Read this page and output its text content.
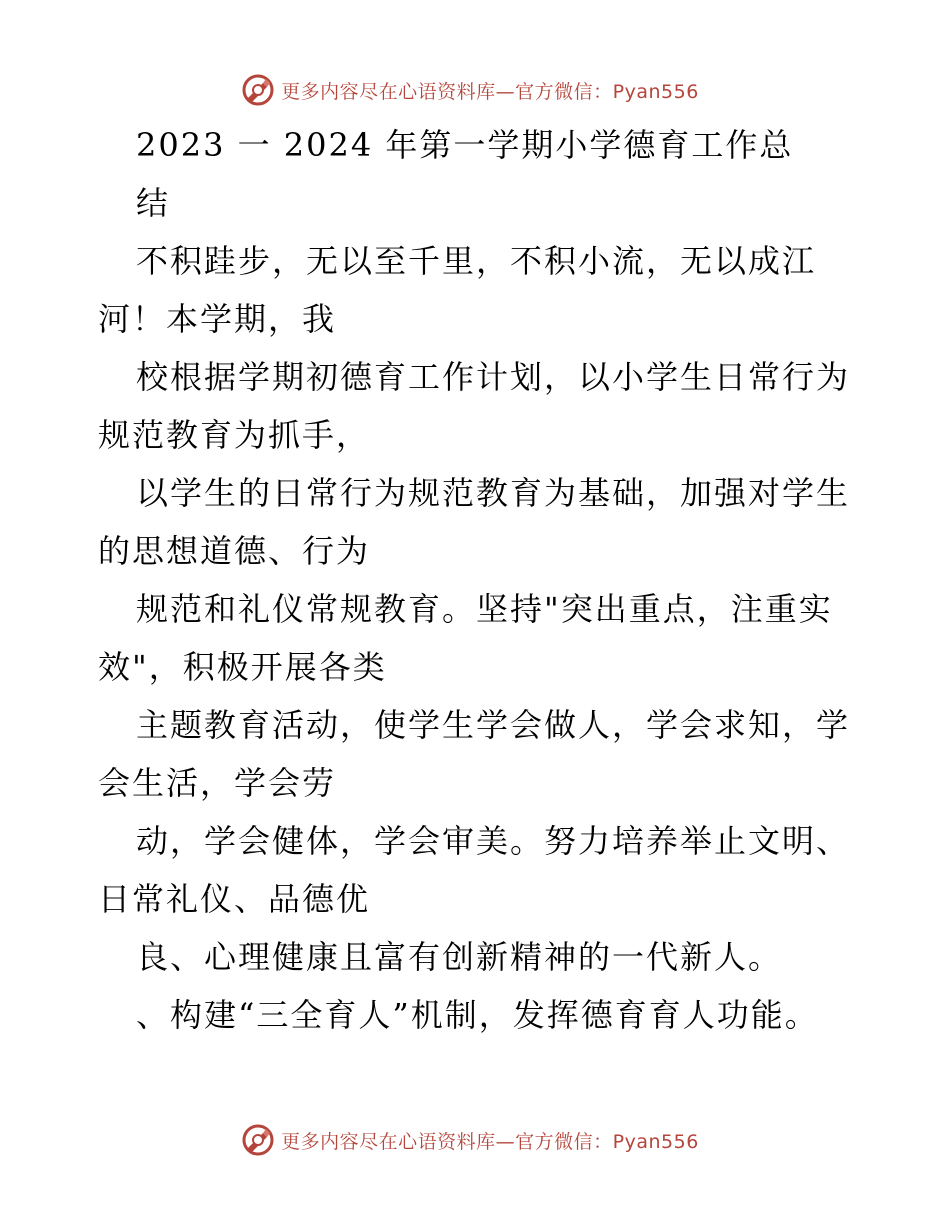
更多内容尽在心语资料库—官方微信：Pyan556
2023 一 2024 年第一学期小学德育工作总
结
不积跬步，无以至千里，不积小流，无以成江
河！本学期，我
校根据学期初德育工作计划，以小学生日常行为
规范教育为抓手，
以学生的日常行为规范教育为基础，加强对学生
的思想道德、行为
规范和礼仪常规教育。坚持"突出重点，注重实
效"，积极开展各类
主题教育活动，使学生学会做人，学会求知，学
会生活，学会劳
动，学会健体，学会审美。努力培养举止文明、
日常礼仪、品德优
良、心理健康且富有创新精神的一代新人。
、构建“三全育人”机制，发挥德育育人功能。
更多内容尽在心语资料库—官方微信：Pyan556
